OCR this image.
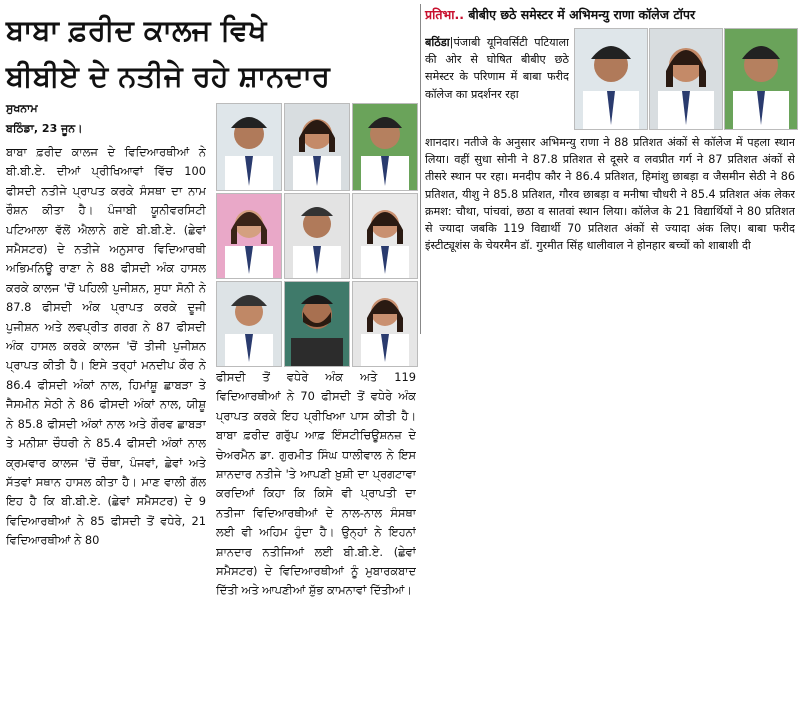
ਬਾਬਾ ਫ਼ਰੀਦ ਕਾਲਜ ਵਿਖੇ
ਬੀਬੀਏ ਦੇ ਨਤੀਜੇ ਰਹੇ ਸ਼ਾਨਦਾਰ
ਸੁਖਨਾਮ
ਬਠਿੰਡਾ, 23 ਜੂਨ।

ਬਾਬਾ ਫ਼ਰੀਦ ਕਾਲਜ ਦੇ ਵਿਦਿਆਰਥੀਆਂ ਨੇ ਬੀ.ਬੀ.ਏ. ਦੀਆਂ ਪ੍ਰੀਖਿਆਵਾਂ ਵਿੱਚ 100 ਫੀਸਦੀ ਨਤੀਜੇ ਪ੍ਰਾਪਤ ਕਰਕੇ ਸੰਸਥਾ ਦਾ ਨਾਮ ਰੌਸ਼ਨ ਕੀਤਾ ਹੈ। ਪੰਜਾਬੀ ਯੂਨੀਵਰਸਿਟੀ ਪਟਿਆਲਾ ਵੱਲੋਂ ਐਲਾਨੇ ਗਏ ਬੀ.ਬੀ.ਏ. (ਛੇਵਾਂ ਸਮੈਸਟਰ) ਦੇ ਨਤੀਜੇ ਅਨੁਸਾਰ ਵਿਦਿਆਰਥੀ ਅਭਿਮਨਿਊ ਰਾਣਾ ਨੇ 88 ਫੀਸਦੀ ਅੰਕ ਹਾਸਲ ਕਰਕੇ ਕਾਲਜ 'ਚੋਂ ਪਹਿਲੀ ਪੁਜੀਸ਼ਨ, ਸੁਧਾ ਸੋਨੀ ਨੇ 87.8 ਫੀਸਦੀ ਅੰਕ ਪ੍ਰਾਪਤ ਕਰਕੇ ਦੂਜੀ ਪੁਜੀਸ਼ਨ ਅਤੇ ਲਵਪ੍ਰੀਤ ਗਰਗ ਨੇ 87 ਫੀਸਦੀ ਅੰਕ ਹਾਸਲ ਕਰਕੇ ਕਾਲਜ 'ਚੋਂ ਤੀਜੀ ਪੁਜੀਸ਼ਨ ਪ੍ਰਾਪਤ ਕੀਤੀ ਹੈ। ਇਸੇ ਤਰ੍ਹਾਂ ਮਨਦੀਪ ਕੌਰ ਨੇ 86.4 ਫੀਸਦੀ ਅੰਕਾਂ ਨਾਲ, ਹਿਮਾਂਸ਼ੂ ਛਾਬੜਾ ਤੇ ਜੈਸਮੀਨ ਸੇਠੀ ਨੇ 86 ਫੀਸਦੀ ਅੰਕਾਂ ਨਾਲ, ਯੀਸ਼ੂ ਨੇ 85.8 ਫੀਸਦੀ ਅੰਕਾਂ ਨਾਲ ਅਤੇ ਗੌਰਵ ਛਾਬੜਾ ਤੇ ਮਨੀਸ਼ਾ ਚੌਧਰੀ ਨੇ 85.4 ਫੀਸਦੀ ਅੰਕਾਂ ਨਾਲ ਕ੍ਰਮਵਾਰ ਕਾਲਜ 'ਚੋਂ ਚੌਥਾ, ਪੰਜਵਾਂ, ਛੇਵਾਂ ਅਤੇ ਸੱਤਵਾਂ ਸਥਾਨ ਹਾਸਲ ਕੀਤਾ ਹੈ। ਮਾਣ ਵਾਲੀ ਗੱਲ ਇਹ ਹੈ ਕਿ ਬੀ.ਬੀ.ਏ. (ਛੇਵਾਂ ਸਮੈਸਟਰ) ਦੇ 9 ਵਿਦਿਆਰਥੀਆਂ ਨੇ 85 ਫੀਸਦੀ ਤੋਂ ਵਧੇਰੇ, 21 ਵਿਦਿਆਰਥੀਆਂ ਨੇ 80

ਫੀਸਦੀ ਤੋਂ ਵਧੇਰੇ ਅੰਕ ਅਤੇ 119 ਵਿਦਿਆਰਥੀਆਂ ਨੇ 70 ਫੀਸਦੀ ਤੋਂ ਵਧੇਰੇ ਅੰਕ ਪ੍ਰਾਪਤ ਕਰਕੇ ਇਹ ਪ੍ਰੀਖਿਆ ਪਾਸ ਕੀਤੀ ਹੈ। ਬਾਬਾ ਫ਼ਰੀਦ ਗਰੁੱਪ ਆਫ਼ ਇੰਸਟੀਚਿਊਸ਼ਨਜ਼ ਦੇ ਚੇਅਰਮੈਨ ਡਾ. ਗੁਰਮੀਤ ਸਿੰਘ ਧਾਲੀਵਾਲ ਨੇ ਇਸ ਸ਼ਾਨਦਾਰ ਨਤੀਜੇ 'ਤੇ ਆਪਣੀ ਖ਼ੁਸ਼ੀ ਦਾ ਪ੍ਰਗਟਾਵਾ ਕਰਦਿਆਂ ਕਿਹਾ ਕਿ ਕਿਸੇ ਵੀ ਪ੍ਰਾਪਤੀ ਦਾ ਨਤੀਜਾ ਵਿਦਿਆਰਥੀਆਂ ਦੇ ਨਾਲ-ਨਾਲ ਸੰਸਥਾ ਲਈ ਵੀ ਅਹਿਮ ਹੁੰਦਾ ਹੈ। ਉਨ੍ਹਾਂ ਨੇ ਇਹਨਾਂ ਸ਼ਾਨਦਾਰ ਨਤੀਜਿਆਂ ਲਈ ਬੀ.ਬੀ.ਏ. (ਛੇਵਾਂ ਸਮੈਸਟਰ) ਦੇ ਵਿਦਿਆਰਥੀਆਂ ਨੂੰ ਮੁਬਾਰਕਬਾਦ ਦਿੱਤੀ ਅਤੇ ਆਪਣੀਆਂ ਸ਼ੁੱਭ ਕਾਮਨਾਵਾਂ ਦਿੱਤੀਆਂ।

प्रतिभा.. बीबीए छठे समेस्टर में अभिमन्यु राणा कॉलेज टॉपर

बठिंडा|पंजाबी यूनिवर्सिटी पटियाला की ओर से घोषित बीबीए छठे समेस्टर के परिणाम में बाबा फरीद कॉलेज का प्रदर्शनर रहा

शानदार। नतीजे के अनुसार अभिमन्यु राणा ने 88 प्रतिशत अंकों से कॉलेज में पहला स्थान लिया। वहीं सुधा सोनी ने 87.8 प्रतिशत से दूसरे व लवप्रीत गर्ग ने 87 प्रतिशत अंकों से तीसरे स्थान पर रहा। मनदीप कौर ने 86.4 प्रतिशत, हिमांशु छाबड़ा व जैसमीन सेठी ने 86 प्रतिशत, यीशु ने 85.8 प्रतिशत, गौरव छाबड़ा व मनीषा चौधरी ने 85.4 प्रतिशत अंक लेकर क्रमश: चौथा, पांचवां, छठा व सातवां स्थान लिया। कॉलेज के 21 विद्यार्थियों ने 80 प्रतिशत से ज्यादा जबकि 119 विद्यार्थी 70 प्रतिशत अंकों से ज्यादा अंक लिए। बाबा फरीद इंस्टीट्यूशंस के चेयरमैन डॉ. गुरमीत सिंह धालीवाल ने होनहार बच्चों को शाबाशी दी
